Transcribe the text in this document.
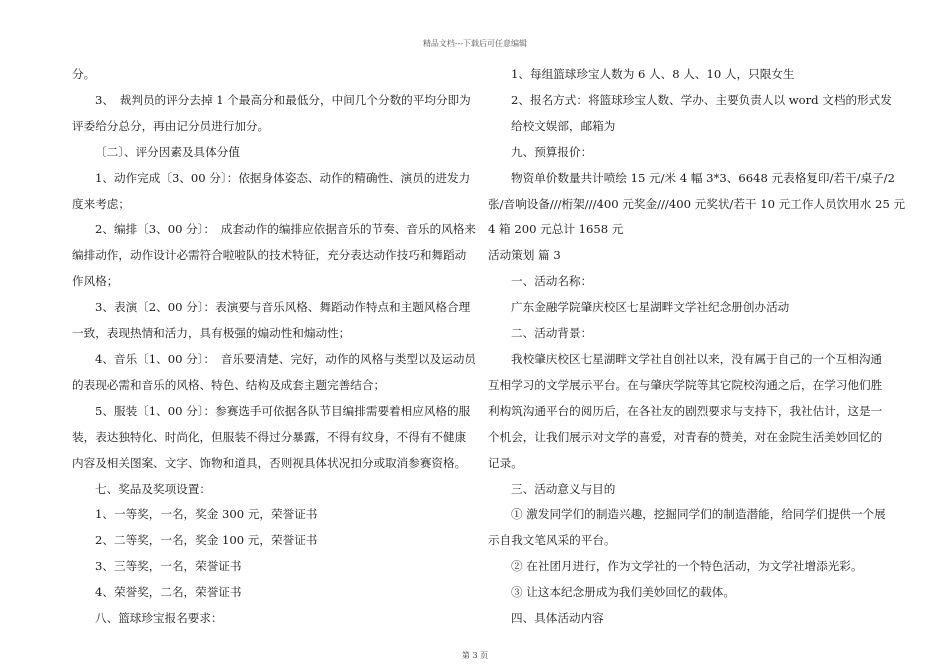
精品文档---下载后可任意编辑
分。
3、　裁判员的评分去掉 1 个最高分和最低分，中间几个分数的平均分即为
评委给分总分，再由记分员进行加分。
〔二〕、评分因素及具体分值
1、动作完成〔3、00 分〕：依据身体姿态、动作的精确性、演员的进发力
度来考虑；
2、编排〔3、00 分〕：　成套动作的编排应依据音乐的节奏、音乐的风格来
编排动作，动作设计必需符合啦啦队的技术特征，充分表达动作技巧和舞蹈动
作风格；
3、表演〔2、00 分〕：表演要与音乐风格、舞蹈动作特点和主题风格合理
一致，表现热情和活力，具有极强的煽动性和煽动性；
4、音乐〔1、00 分〕：　音乐要清楚、完好，动作的风格与类型以及运动员
的表现必需和音乐的风格、特色、结构及成套主题完善结合；
5、服装〔1、00 分〕：参赛选手可依据各队节目编排需要着相应风格的服
装，表达独特化、时尚化，但服装不得过分暴露，不得有纹身，不得有不健康
内容及相关图案、文字、饰物和道具，否则视具体状况扣分或取消参赛资格。
七、奖品及奖项设置：
1、一等奖，一名，奖金 300 元，荣誉证书
2、二等奖，一名，奖金 100 元，荣誉证书
3、三等奖，一名，荣誉证书
4、荣誉奖，二名，荣誉证书
八、篮球珍宝报名要求：
1、每组篮球珍宝人数为 6 人、8 人、10 人，只限女生
2、报名方式：将篮球珍宝人数、学办、主要负责人以 word 文档的形式发
给校文娱部，邮箱为
九、预算报价：
物资单价数量共计喷绘 15 元/米 4 幅 3*3、6648 元表格复印/若干/桌子/2
张/音响设备///桁架///400 元奖金///400 元奖状/若干 10 元工作人员饮用水 25 元
4 箱 200 元总计 1658 元
活动策划 篇 3
一、活动名称：
广东金融学院肇庆校区七星湖畔文学社纪念册创办活动
二、活动背景：
我校肇庆校区七星湖畔文学社自创社以来，没有属于自己的一个互相沟通
互相学习的文学展示平台。在与肇庆学院等其它院校沟通之后，在学习他们胜
利构筑沟通平台的阅历后，在各社友的剧烈要求与支持下，我社估计，这是一
个机会，让我们展示对文学的喜爱，对青春的赞美，对在金院生活美妙回忆的
记录。
三、活动意义与目的
① 激发同学们的制造兴趣，挖掘同学们的制造潜能，给同学们提供一个展
示自我文笔风采的平台。
② 在社团月进行，作为文学社的一个特色活动，为文学社增添光彩。
③ 让这本纪念册成为我们美妙回忆的载体。
四、具体活动内容
第 3 页
